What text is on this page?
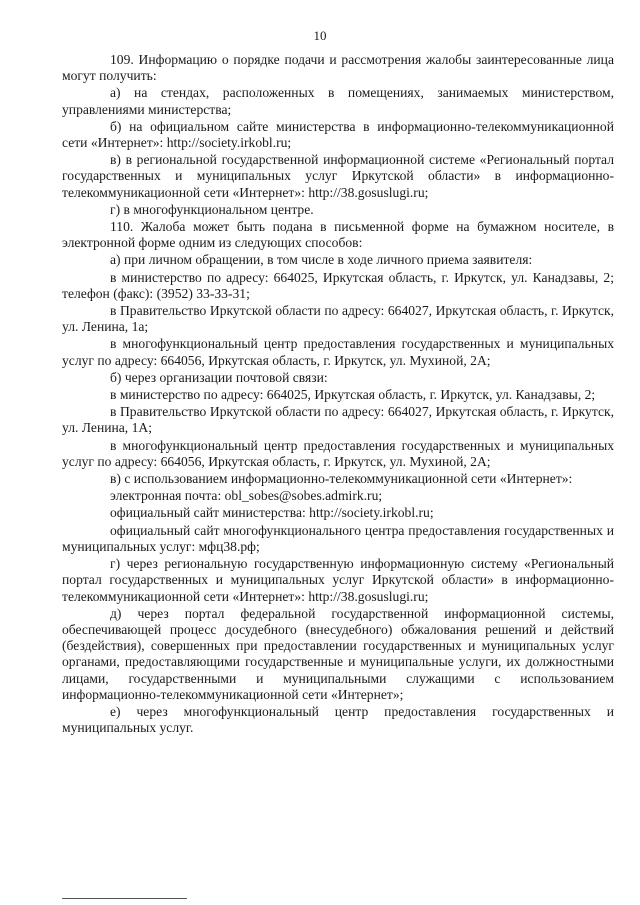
10

109. Информацию о порядке подачи и рассмотрения жалобы заинтересованные лица могут получить:

а) на стендах, расположенных в помещениях, занимаемых министерством, управлениями министерства;

б) на официальном сайте министерства в информационно-телекоммуникационной сети «Интернет»: http://society.irkobl.ru;

в) в региональной государственной информационной системе «Региональный портал государственных и муниципальных услуг Иркутской области» в информационно-телекоммуникационной сети «Интернет»: http://38.gosuslugi.ru;

г) в многофункциональном центре.

110. Жалоба может быть подана в письменной форме на бумажном носителе, в электронной форме одним из следующих способов:

а) при личном обращении, в том числе в ходе личного приема заявителя:

в министерство по адресу: 664025, Иркутская область, г. Иркутск, ул. Канадзавы, 2; телефон (факс): (3952) 33-33-31;

в Правительство Иркутской области по адресу: 664027, Иркутская область, г. Иркутск, ул. Ленина, 1а;

в многофункциональный центр предоставления государственных и муниципальных услуг по адресу: 664056, Иркутская область, г. Иркутск, ул. Мухиной, 2А;

б) через организации почтовой связи:

в министерство по адресу: 664025, Иркутская область, г. Иркутск, ул. Канадзавы, 2;

в Правительство Иркутской области по адресу: 664027, Иркутская область, г. Иркутск, ул. Ленина, 1А;

в многофункциональный центр предоставления государственных и муниципальных услуг по адресу: 664056, Иркутская область, г. Иркутск, ул. Мухиной, 2А;

в) с использованием информационно-телекоммуникационной сети «Интернет»:

электронная почта: obl_sobes@sobes.admirk.ru;

официальный сайт министерства: http://society.irkobl.ru;

официальный сайт многофункционального центра предоставления государственных и муниципальных услуг: мфц38.рф;

г) через региональную государственную информационную систему «Региональный портал государственных и муниципальных услуг Иркутской области» в информационно-телекоммуникационной сети «Интернет»: http://38.gosuslugi.ru;

д) через портал федеральной государственной информационной системы, обеспечивающей процесс досудебного (внесудебного) обжалования решений и действий (бездействия), совершенных при предоставлении государственных и муниципальных услуг органами, предоставляющими государственные и муниципальные услуги, их должностными лицами, государственными и муниципальными служащими с использованием информационно-телекоммуникационной сети «Интернет»;

е) через многофункциональный центр предоставления государственных и муниципальных услуг.
